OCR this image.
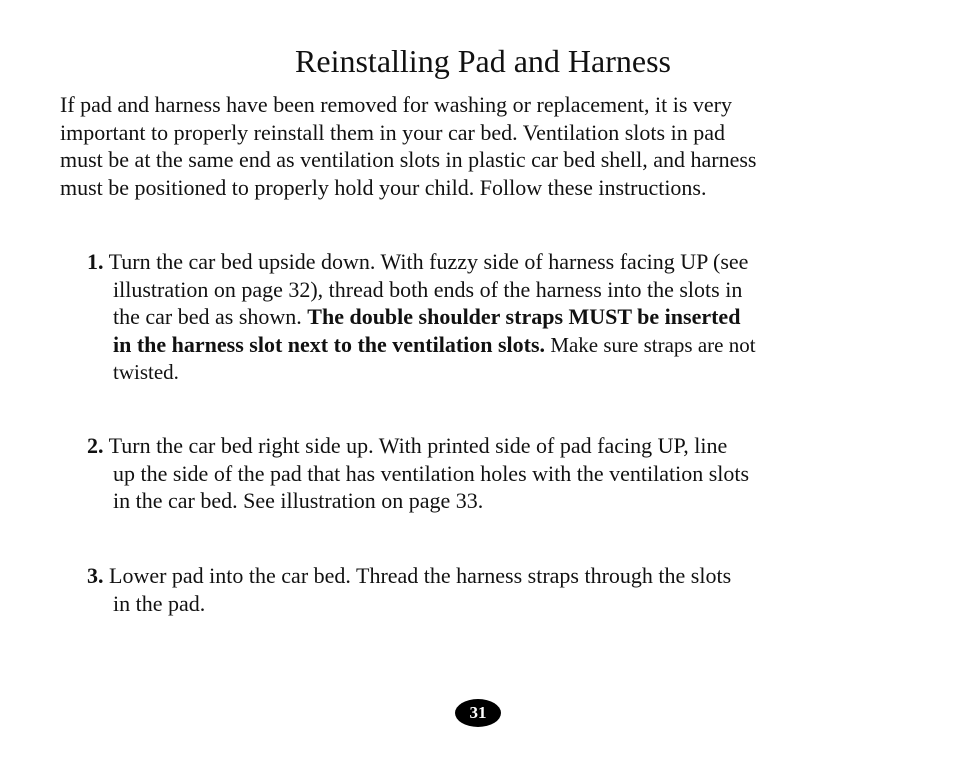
Reinstalling Pad and Harness

If pad and harness have been removed for washing or replacement, it is very
important to properly reinstall them in your car bed. Ventilation slots in pad
must be at the same end as ventilation slots in plastic car bed shell, and harness
must be positioned to properly hold your child. Follow these instructions.

1. Turn the car bed upside down. With fuzzy side of harness facing UP (see
illustration on page 32), thread both ends of the harness into the slots in
the car bed as shown. The double shoulder straps MUST be inserted
in the harness slot next to the ventilation slots. Make sure straps are not
twisted.
2. Turn the car bed right side up. With printed side of pad facing UP, line
up the side of the pad that has ventilation holes with the ventilation slots
in the car bed. See illustration on page 33.
3. Lower pad into the car bed. Thread the harness straps through the slots
in the pad.
31
